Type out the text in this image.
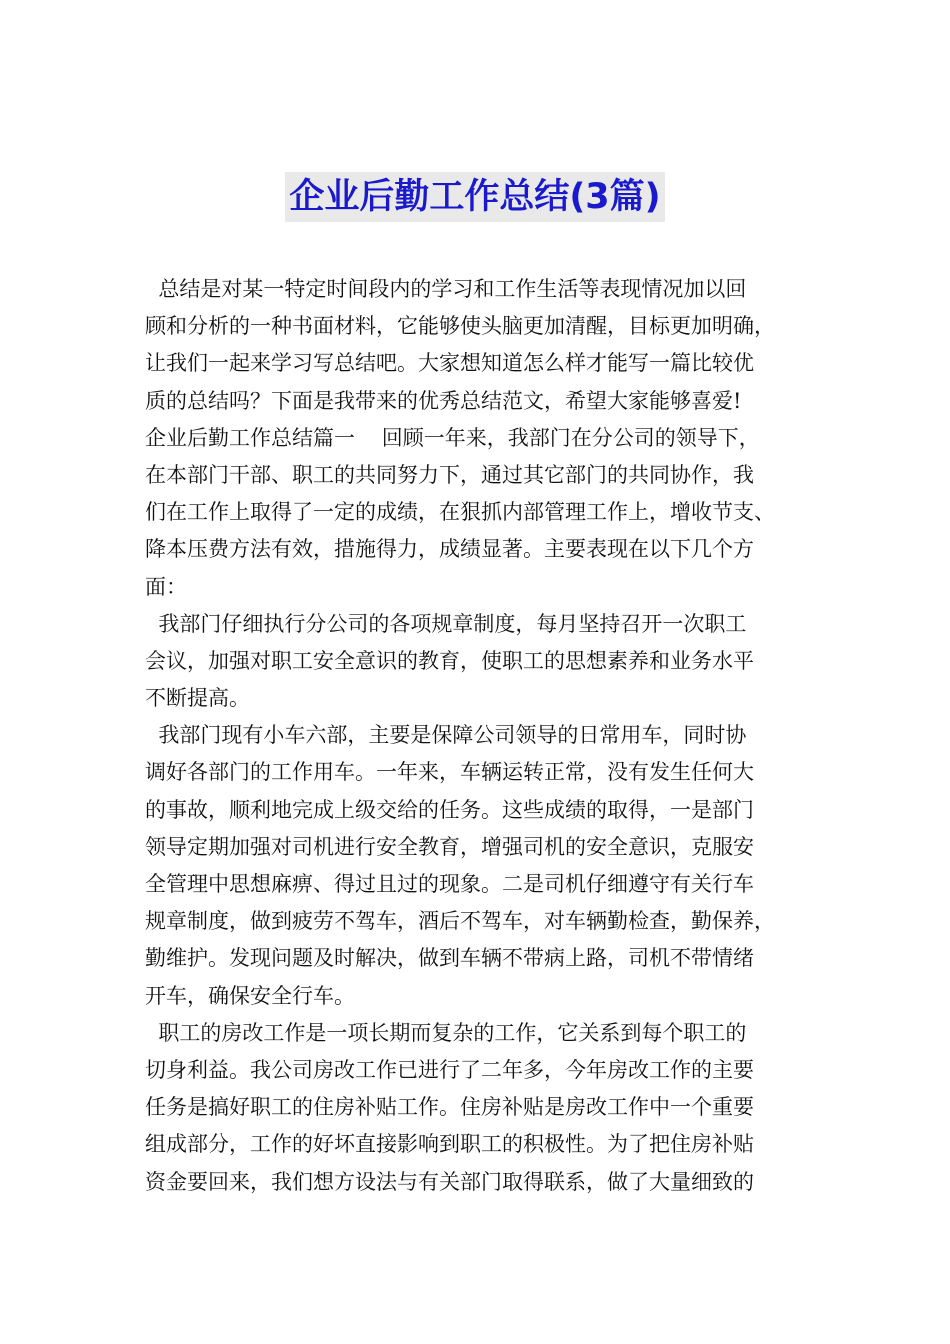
企业后勤工作总结(3篇)
总结是对某一特定时间段内的学习和工作生活等表现情况加以回
顾和分析的一种书面材料，它能够使头脑更加清醒，目标更加明确，
让我们一起来学习写总结吧。大家想知道怎么样才能写一篇比较优
质的总结吗？下面是我带来的优秀总结范文，希望大家能够喜爱!
企业后勤工作总结篇一    回顾一年来，我部门在分公司的领导下，
在本部门干部、职工的共同努力下，通过其它部门的共同协作，我
们在工作上取得了一定的成绩，在狠抓内部管理工作上，增收节支、
降本压费方法有效，措施得力，成绩显著。主要表现在以下几个方
面：
我部门仔细执行分公司的各项规章制度，每月坚持召开一次职工
会议，加强对职工安全意识的教育，使职工的思想素养和业务水平
不断提高。
我部门现有小车六部，主要是保障公司领导的日常用车，同时协
调好各部门的工作用车。一年来，车辆运转正常，没有发生任何大
的事故，顺利地完成上级交给的任务。这些成绩的取得，一是部门
领导定期加强对司机进行安全教育，增强司机的安全意识，克服安
全管理中思想麻痹、得过且过的现象。二是司机仔细遵守有关行车
规章制度，做到疲劳不驾车，酒后不驾车，对车辆勤检查，勤保养，
勤维护。发现问题及时解决，做到车辆不带病上路，司机不带情绪
开车，确保安全行车。
职工的房改工作是一项长期而复杂的工作，它关系到每个职工的
切身利益。我公司房改工作已进行了二年多，今年房改工作的主要
任务是搞好职工的住房补贴工作。住房补贴是房改工作中一个重要
组成部分，工作的好坏直接影响到职工的积极性。为了把住房补贴
资金要回来，我们想方设法与有关部门取得联系，做了大量细致的
